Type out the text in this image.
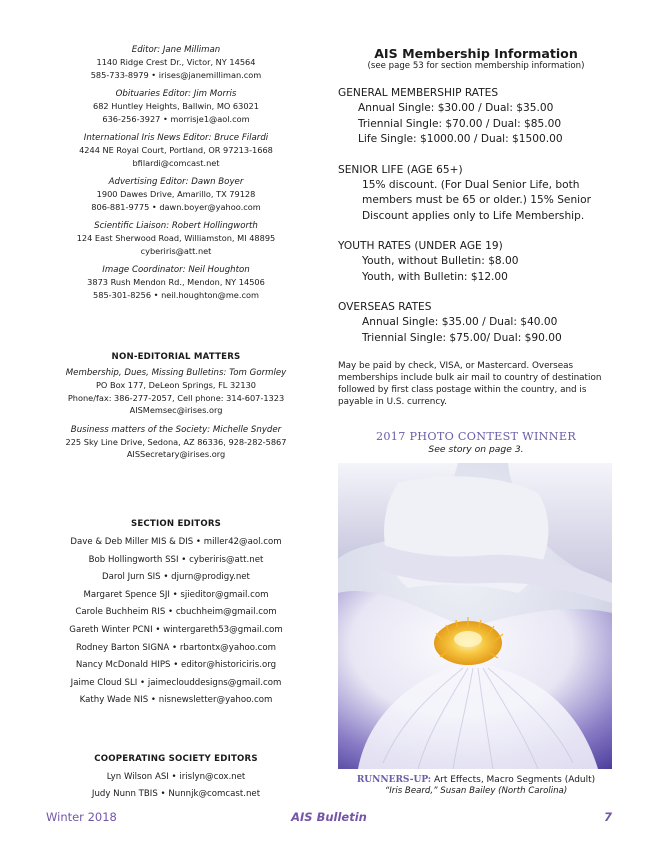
Editor: Jane Milliman
1140 Ridge Crest Dr., Victor, NY 14564
585-733-8979 • irises@janemilliman.com
Obituaries Editor: Jim Morris
682 Huntley Heights, Ballwin, MO 63021
636-256-3927 • morrisje1@aol.com
International Iris News Editor: Bruce Filardi
4244 NE Royal Court, Portland, OR 97213-1668
bfilardi@comcast.net
Advertising Editor: Dawn Boyer
1900 Dawes Drive, Amarillo, TX 79128
806-881-9775 • dawn.boyer@yahoo.com
Scientific Liaison: Robert Hollingworth
124 East Sherwood Road, Williamston, MI 48895
cyberiris@att.net
Image Coordinator: Neil Houghton
3873 Rush Mendon Rd., Mendon, NY 14506
585-301-8256 • neil.houghton@me.com
NON-EDITORIAL MATTERS
Membership, Dues, Missing Bulletins: Tom Gormley
PO Box 177, DeLeon Springs, FL 32130
Phone/fax: 386-277-2057, Cell phone: 314-607-1323
AISMemsec@irises.org
Business matters of the Society: Michelle Snyder
225 Sky Line Drive, Sedona, AZ 86336, 928-282-5867
AISSecretary@irises.org
SECTION EDITORS
Dave & Deb Miller MIS & DIS • miller42@aol.com
Bob Hollingworth SSI • cyberiris@att.net
Darol Jurn SIS • djurn@prodigy.net
Margaret Spence SJI • sjieditor@gmail.com
Carole Buchheim RIS • cbuchheim@gmail.com
Gareth Winter PCNI • wintergareth53@gmail.com
Rodney Barton SIGNA • rbartontx@yahoo.com
Nancy McDonald HIPS • editor@historiciris.org
Jaime Cloud SLI • jaimeclouddesigns@gmail.com
Kathy Wade NIS • nisnewsletter@yahoo.com
COOPERATING SOCIETY EDITORS
Lyn Wilson ASI • irislyn@cox.net
Judy Nunn TBIS • Nunnjk@comcast.net
AIS Membership Information
(see page 53 for section membership information)
GENERAL MEMBERSHIP RATES
Annual Single: $30.00 / Dual: $35.00
Triennial Single: $70.00 / Dual: $85.00
Life Single: $1000.00 / Dual: $1500.00
SENIOR LIFE (AGE 65+)
15% discount. (For Dual Senior Life, both
members must be 65 or older.) 15% Senior
Discount applies only to Life Membership.
YOUTH RATES (UNDER AGE 19)
Youth, without Bulletin: $8.00
Youth, with Bulletin: $12.00
OVERSEAS RATES
Annual Single: $35.00 / Dual: $40.00
Triennial Single: $75.00/ Dual: $90.00
May be paid by check, VISA, or Mastercard. Overseas memberships include bulk air mail to country of destination followed by first class postage within the country, and is payable in U.S. currency.
2017 PHOTO CONTEST WINNER
See story on page 3.
RUNNERS-UP: Art Effects, Macro Segments (Adult)
“Iris Beard,” Susan Bailey (North Carolina)
Winter 2018	AIS Bulletin	7
